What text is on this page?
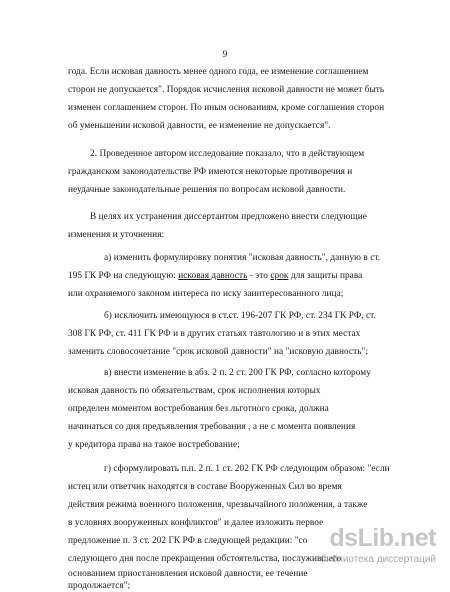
9
года. Если исковая давность менее одного года, ее изменение соглашением
сторон не допускается". Порядок исчисления исковой давности не может быть
изменен соглашением сторон. По иным основаниям, кроме соглашения сторон
об уменьшении исковой давности, ее изменение не допускается".
2. Проведенное автором исследование показало, что в действующем
гражданском законодательстве РФ имеются некоторые противоречия и
неудачные законодательные решения по вопросам исковой давности.
В целях их устранения диссертантом предложено внести следующие
изменения и уточнения:
а) изменить формулировку понятия "исковая давность", данную в ст.
195 ГК РФ на следующую: исковая давность - это срок для защиты права
или охраняемого законом интереса по иску заинтересованного лица;
б) исключить имеющуюся в ст.ст. 196-207 ГК РФ, ст. 234 ГК РФ, ст.
308 ГК РФ, ст. 411 ГК РФ и в других статьях тавтологию и в этих местах
заменить словосочетание "срок исковой давности" на "исковую давность";
в) внести изменение в абз. 2 п. 2 ст. 200 ГК РФ, согласно которому
исковая давность по обязательствам, срок исполнения которых
определен моментом востребования без льготного срока, должна
начинаться со дня предъявления требования , а не с момента появления
у кредитора права на такое востребование;
г) сформулировать п.п. 2 п. 1 ст. 202 ГК РФ следующим образом: "если
истец или ответчик находятся в составе Вооруженных Сил во время
действия режима военного положения, чрезвычайного положения, а также
в условиях вооруженных конфликтов" и далее изложить первое
предложение п. 3 ст. 202 ГК РФ в следующей редакции: "со
следующего дня после прекращения обстоятельства, послужившего
основанием приостановления исковой давности, ее течение
продолжается";
dsLib.net
библиотека диссертаций
